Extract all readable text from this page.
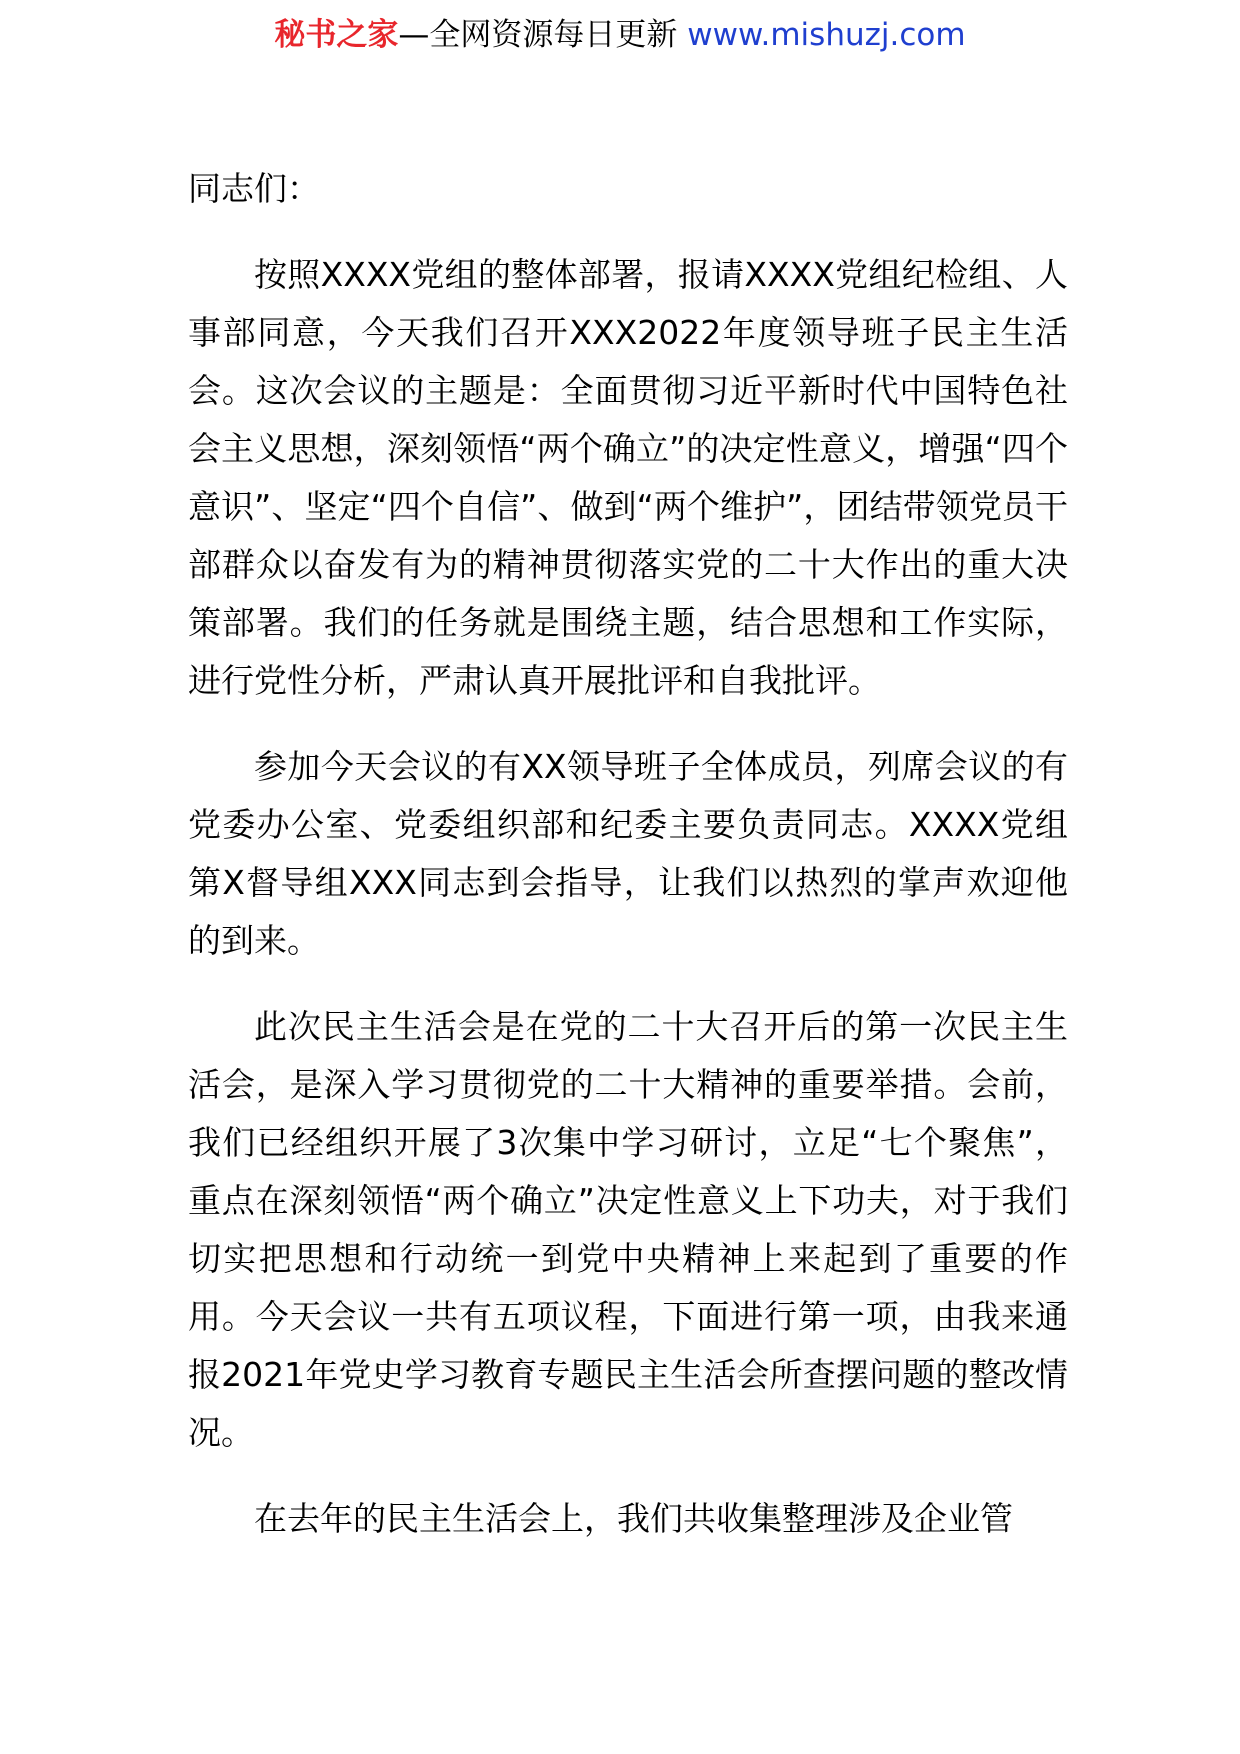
秘书之家—全网资源每日更新 www.mishuzj.com

同志们：

按照XXXX党组的整体部署，报请XXXX党组纪检组、人事部同意，今天我们召开XXX2022年度领导班子民主生活会。这次会议的主题是：全面贯彻习近平新时代中国特色社会主义思想，深刻领悟“两个确立”的决定性意义，增强“四个意识”、坚定“四个自信”、做到“两个维护”，团结带领党员干部群众以奋发有为的精神贯彻落实党的二十大作出的重大决策部署。我们的任务就是围绕主题，结合思想和工作实际，进行党性分析，严肃认真开展批评和自我批评。

参加今天会议的有XX领导班子全体成员，列席会议的有党委办公室、党委组织部和纪委主要负责同志。XXXX党组第X督导组XXX同志到会指导，让我们以热烈的掌声欢迎他的到来。

此次民主生活会是在党的二十大召开后的第一次民主生活会，是深入学习贯彻党的二十大精神的重要举措。会前，我们已经组织开展了3次集中学习研讨，立足“七个聚焦”，重点在深刻领悟“两个确立”决定性意义上下功夫，对于我们切实把思想和行动统一到党中央精神上来起到了重要的作用。今天会议一共有五项议程，下面进行第一项，由我来通报2021年党史学习教育专题民主生活会所查摆问题的整改情况。

在去年的民主生活会上，我们共收集整理涉及企业管
